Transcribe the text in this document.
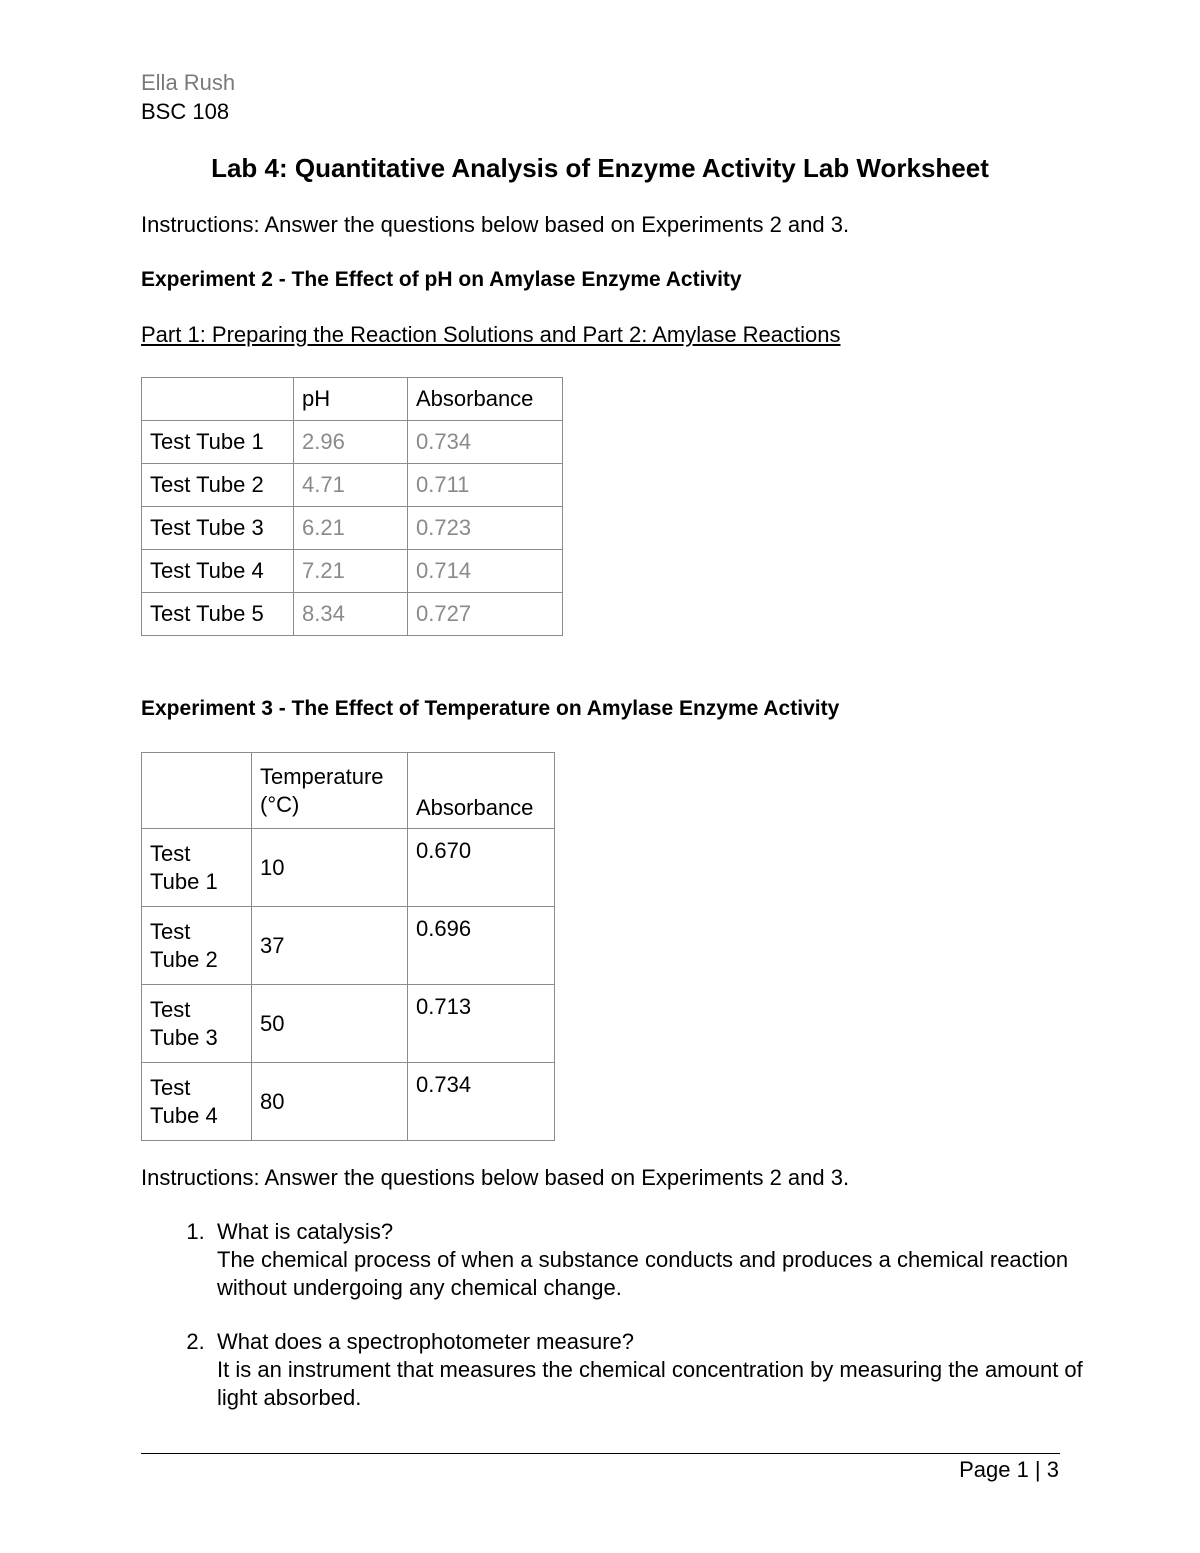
Ella Rush
BSC 108
Lab 4: Quantitative Analysis of Enzyme Activity Lab Worksheet
Instructions: Answer the questions below based on Experiments 2 and 3.
Experiment 2 - The Effect of pH on Amylase Enzyme Activity
Part 1: Preparing the Reaction Solutions and Part 2: Amylase Reactions
	pH	Absorbance
Test Tube 1	2.96	0.734
Test Tube 2	4.71	0.711
Test Tube 3	6.21	0.723
Test Tube 4	7.21	0.714
Test Tube 5	8.34	0.727
Experiment 3 - The Effect of Temperature on Amylase Enzyme Activity
	Temperature (°C)	Absorbance
Test Tube 1	10	0.670
Test Tube 2	37	0.696
Test Tube 3	50	0.713
Test Tube 4	80	0.734
Instructions: Answer the questions below based on Experiments 2 and 3.
1. What is catalysis?
The chemical process of when a substance conducts and produces a chemical reaction without undergoing any chemical change.
2. What does a spectrophotometer measure?
It is an instrument that measures the chemical concentration by measuring the amount of light absorbed.
Page 1 | 3
